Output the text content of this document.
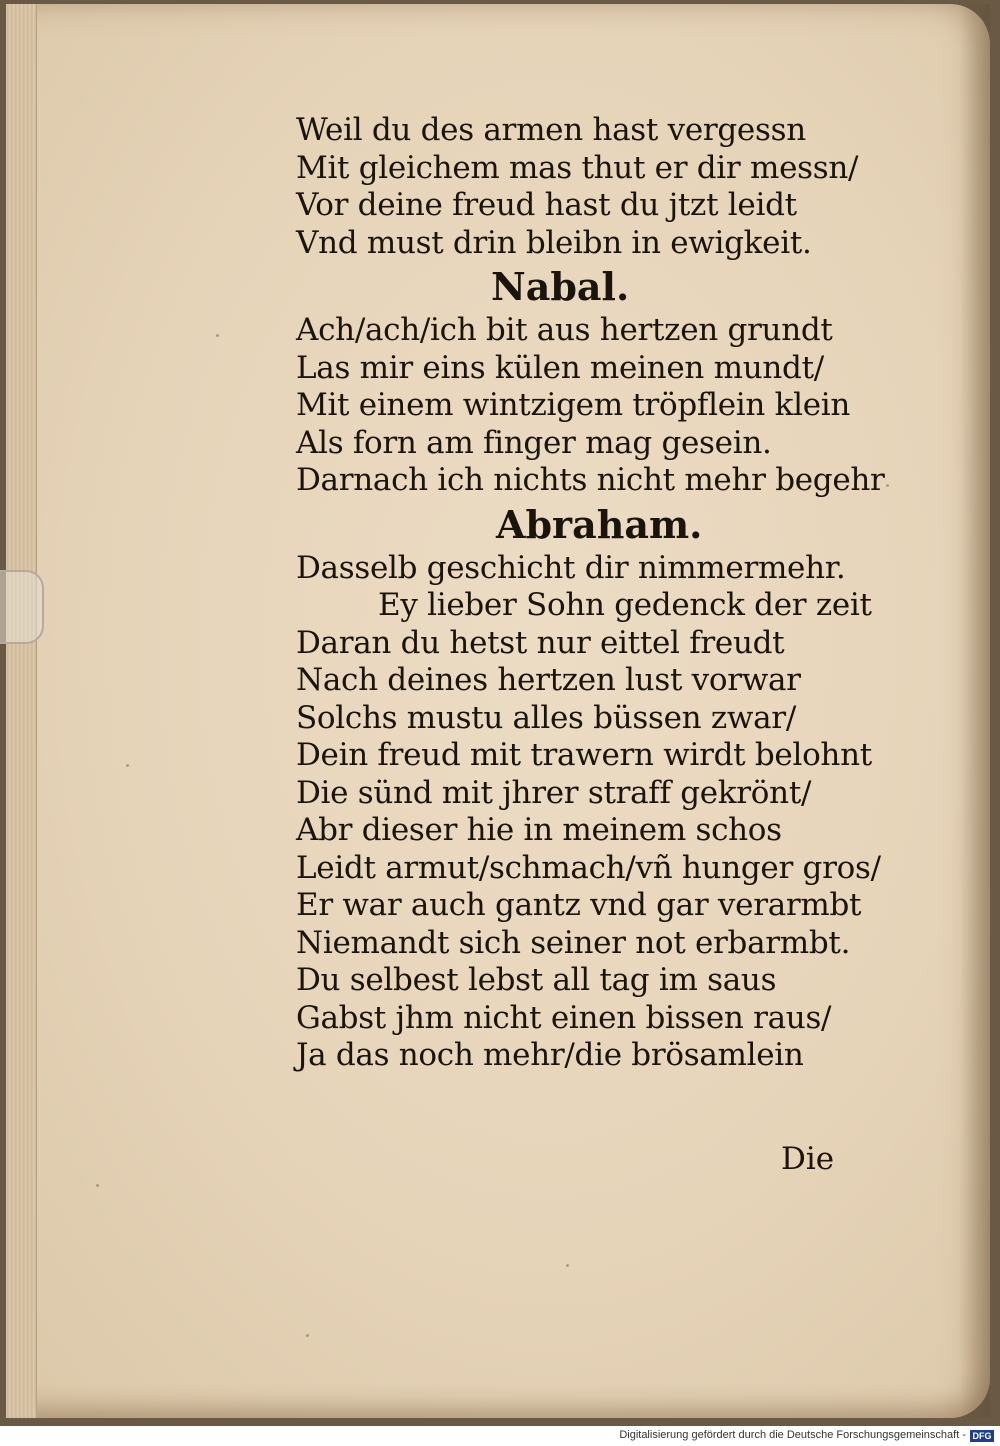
Weil du des armen hast vergessn
Mit gleichem mas thut er dir messn/
Vor deine freud hast du jtzt leidt
Vnd must drin bleibn in ewigkeit.
Nabal.
Ach/ach/ich bit aus hertzen grundt
Las mir eins külen meinen mundt/
Mit einem wintzigem tröpflein klein
Als forn am finger mag gesein.
Darnach ich nichts nicht mehr begehr
Abraham.
Dasselb geschicht dir nimmermehr.
Ey lieber Sohn gedenck der zeit
Daran du hetst nur eittel freudt
Nach deines hertzen lust vorwar
Solchs mustu alles büssen zwar/
Dein freud mit trawern wirdt belohnt
Die sünd mit jhrer straff gekrönt/
Abr dieser hie in meinem schos
Leidt armut/schmach/vñ hunger gros/
Er war auch gantz vnd gar verarmbt
Niemandt sich seiner not erbarmbt.
Du selbest lebst all tag im saus
Gabst jhm nicht einen bissen raus/
Ja das noch mehr/die brösamlein
Die
Digitalisierung gefördert durch die Deutsche Forschungsgemeinschaft - DFG
